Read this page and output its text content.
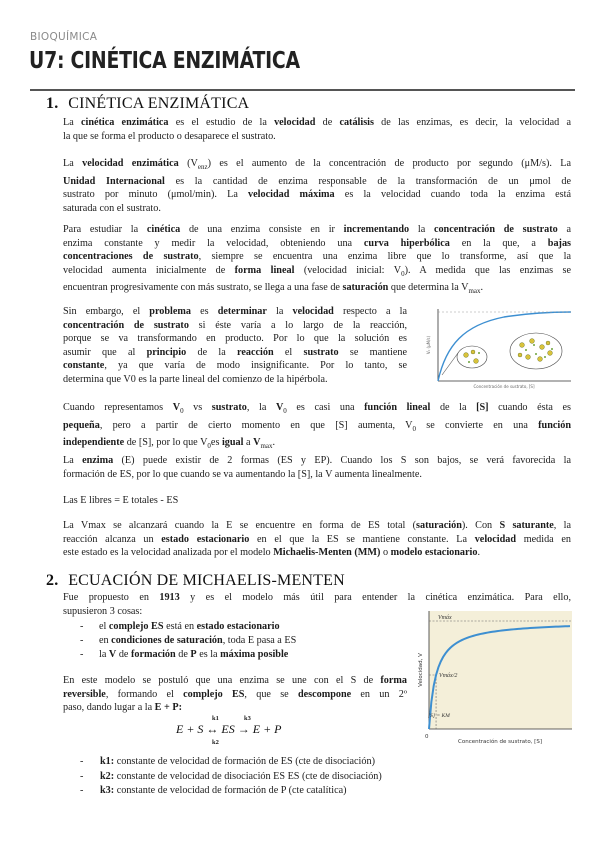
BIOQUÍMICA
U7: CINÉTICA ENZIMÁTICA
1. CINÉTICA ENZIMÁTICA
La cinética enzimática es el estudio de la velocidad de catálisis de las enzimas, es decir, la velocidad a
la que se forma el producto o desaparece el sustrato.
La velocidad enzimática $(V_{enz})$ es el aumento de la concentración de producto por segundo (μM/s). La
Unidad Internacional es la cantidad de enzima responsable de la transformación de un μmol de
sustrato por minuto (μmol/min). La velocidad máxima es la velocidad cuando toda la enzima está
saturada con el sustrato.
Para estudiar la cinética de una enzima consiste en ir incrementando la concentración de sustrato a
enzima constante y medir la velocidad, obteniendo una curva hiperbólica en la que, a bajas
concentraciones de sustrato, siempre se encuentra una enzima libre que lo transforme, así que la
velocidad aumenta inicialmente de forma lineal (velocidad inicial: $V_0$). A medida que las enzimas se
encuentran progresivamente con más sustrato, se llega a una fase de saturación que determina la $V_{max}$.
Sin embargo, el problema es determinar la velocidad respecto a la
concentración de sustrato si éste varía a lo largo de la reacción,
porque se va transformando en producto. Por lo que la solución es
asumir que al principio de la reacción el sustrato se mantiene
constante, ya que varía de modo insignificante. Por lo tanto, se
determina que V0 es la parte lineal del comienzo de la hipérbola.
V₀ (μM/s)
Concentración de sustrato, [S]
Cuando representamos $V_0$ vs sustrato, la $V_0$ es casi una función lineal de la [S] cuando ésta es
pequeña, pero a partir de cierto momento en que [S] aumenta, $V_0$ se convierte en una función
independiente de [S], por lo que $V_0es$ igual a $V_{max}$.
La enzima (E) puede existir de 2 formas (ES y EP). Cuando los S son bajos, se verá favorecida la
formación de ES, por lo que cuando se va aumentando la [S], la V aumenta linealmente.
Las E libres = E totales - ES
La Vmax se alcanzará cuando la E se encuentre en forma de ES total (saturación). Con S saturante, la
reacción alcanza un estado estacionario en el que la ES se mantiene constante. La velocidad medida en
este estado es la velocidad analizada por el modelo Michaelis-Menten (MM) o modelo estacionario.
2. ECUACIÓN DE MICHAELIS-MENTEN
Fue propuesto en 1913 y es el modelo más útil para entender la cinética enzimática. Para ello,
supusieron 3 cosas:
- el complejo ES está en estado estacionario
- en condiciones de saturación, toda E pasa a ES
- la V de formación de P es la máxima posible
En este modelo se postuló que una enzima se une con el S de forma
reversible, formando el complejo ES, que se descompone en un 2º
paso, dando lugar a la E + P:
k1	k3
E + S ↔ ES → E + P
k2
- k1: constante de velocidad de formación de ES (cte de disociación)
- k2: constante de velocidad de disociación ES ES (cte de disociación)
- k3: constante de velocidad de formación de P (cte catalítica)
Vmáx
Vmáx/2
[S] = KM
Velocidad, V
0
Concentración de sustrato, [S]
